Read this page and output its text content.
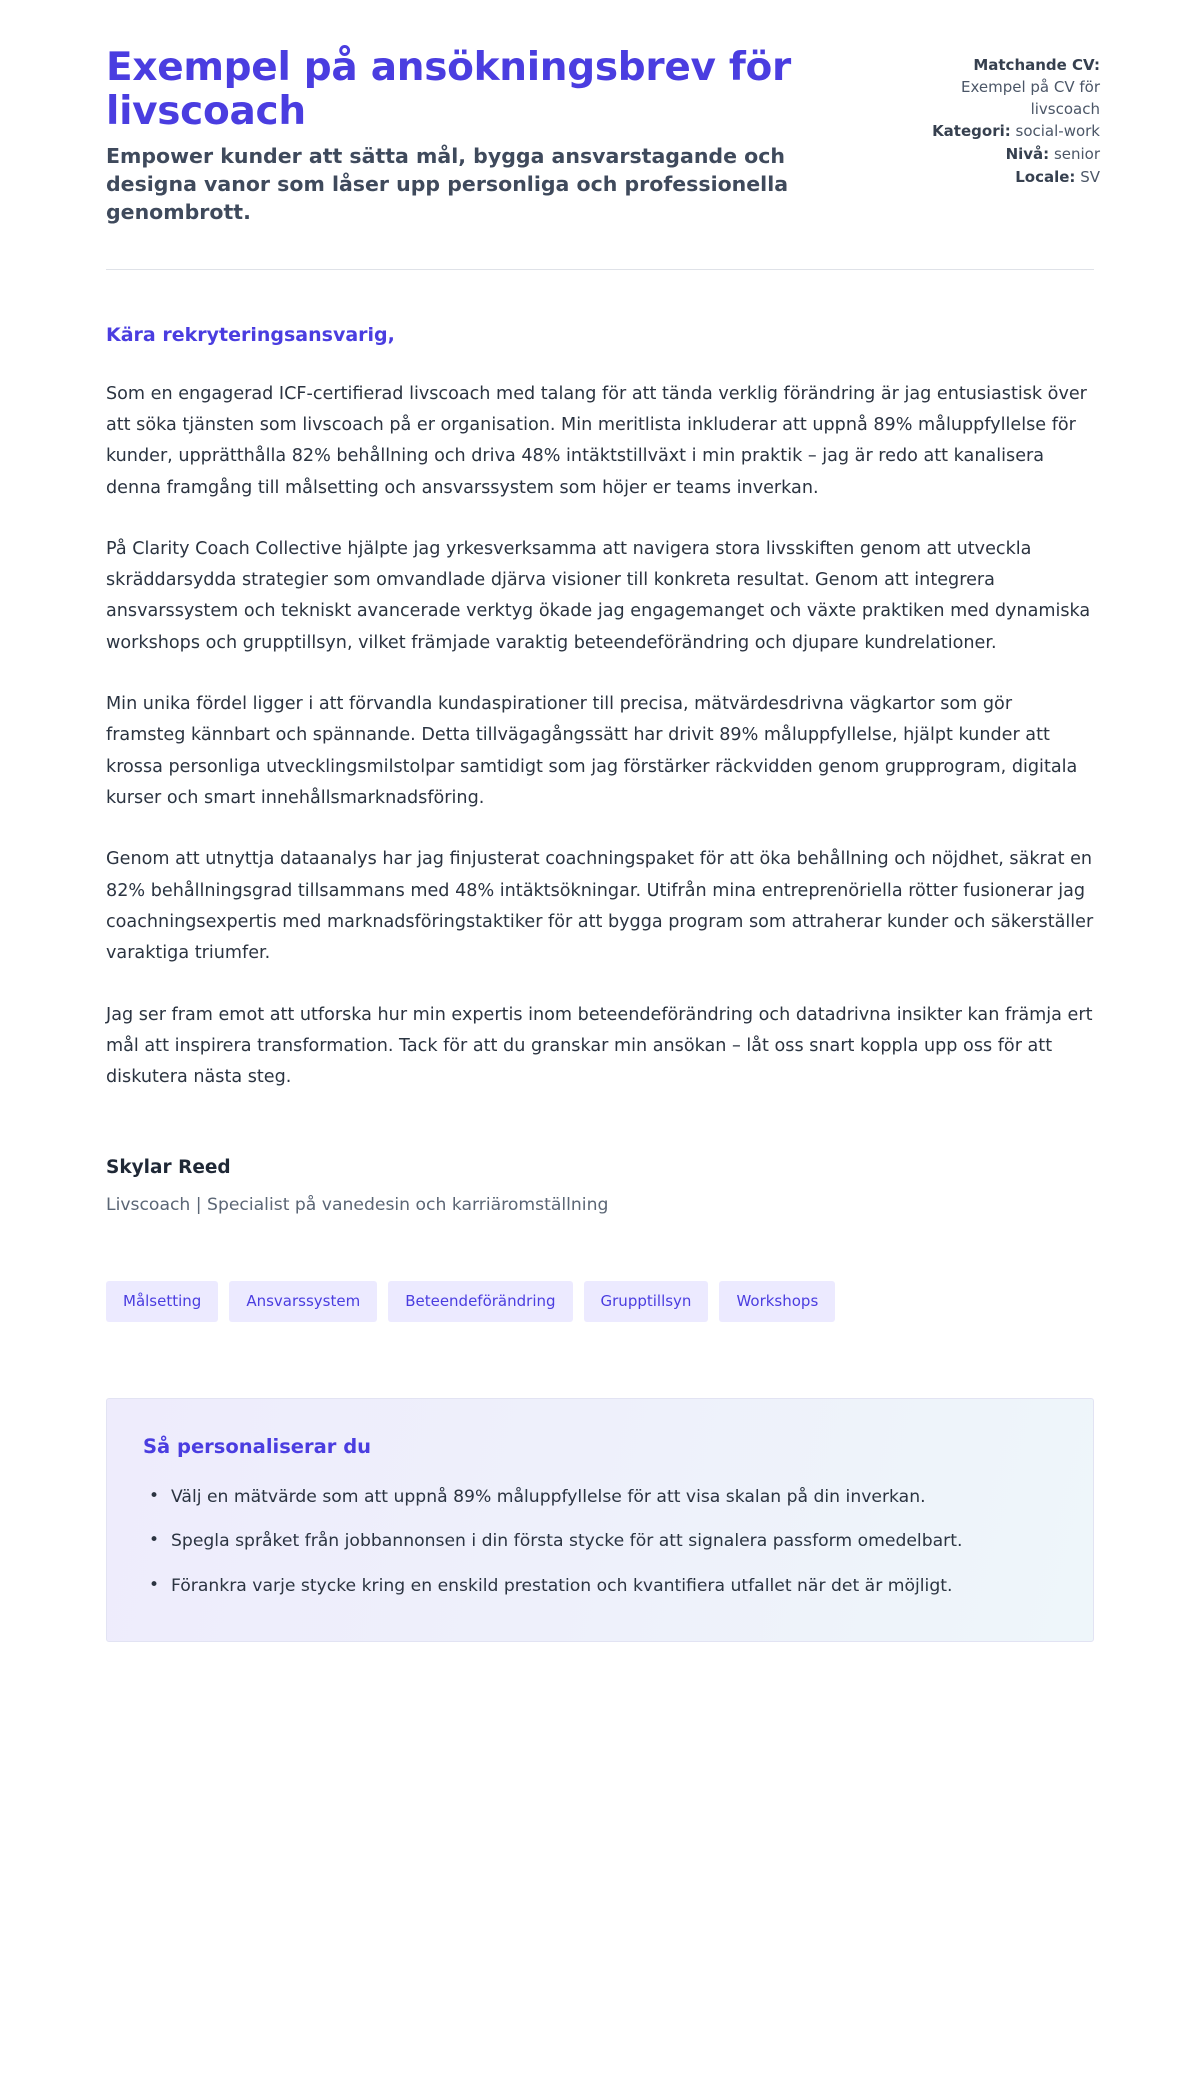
Exempel på ansökningsbrev för livscoach

Empower kunder att sätta mål, bygga ansvarstagande och designa vanor som låser upp personliga och professionella genombrott.

Matchande CV: Exempel på CV för livscoach
Kategori: social-work
Nivå: senior
Locale: SV

Kära rekryteringsansvarig,

Som en engagerad ICF-certifierad livscoach med talang för att tända verklig förändring är jag entusiastisk över att söka tjänsten som livscoach på er organisation. Min meritlista inkluderar att uppnå 89% måluppfyllelse för kunder, upprätthålla 82% behållning och driva 48% intäktstillväxt i min praktik – jag är redo att kanalisera denna framgång till målsetting och ansvarssystem som höjer er teams inverkan.

På Clarity Coach Collective hjälpte jag yrkesverksamma att navigera stora livsskiften genom att utveckla skräddarsydda strategier som omvandlade djärva visioner till konkreta resultat. Genom att integrera ansvarssystem och tekniskt avancerade verktyg ökade jag engagemanget och växte praktiken med dynamiska workshops och grupptillsyn, vilket främjade varaktig beteendeförändring och djupare kundrelationer.

Min unika fördel ligger i att förvandla kundaspirationer till precisa, mätvärdesdrivna vägkartor som gör framsteg kännbart och spännande. Detta tillvägagångssätt har drivit 89% måluppfyllelse, hjälpt kunder att krossa personliga utvecklingsmilstolpar samtidigt som jag förstärker räckvidden genom grupprogram, digitala kurser och smart innehållsmarknadsföring.

Genom att utnyttja dataanalys har jag finjusterat coachningspaket för att öka behållning och nöjdhet, säkrat en 82% behållningsgrad tillsammans med 48% intäktsökningar. Utifrån mina entreprenöriella rötter fusionerar jag coachningsexpertis med marknadsföringstaktiker för att bygga program som attraherar kunder och säkerställer varaktiga triumfer.

Jag ser fram emot att utforska hur min expertis inom beteendeförändring och datadrivna insikter kan främja ert mål att inspirera transformation. Tack för att du granskar min ansökan – låt oss snart koppla upp oss för att diskutera nästa steg.

Skylar Reed

Livscoach | Specialist på vanedesin och karriäromställning

Målsetting	Ansvarssystem	Beteendeförändring	Grupptillsyn	Workshops
Så personaliserar du
• Välj en mätvärde som att uppnå 89% måluppfyllelse för att visa skalan på din inverkan.
• Spegla språket från jobbannonsen i din första stycke för att signalera passform omedelbart.
• Förankra varje stycke kring en enskild prestation och kvantifiera utfallet när det är möjligt.
